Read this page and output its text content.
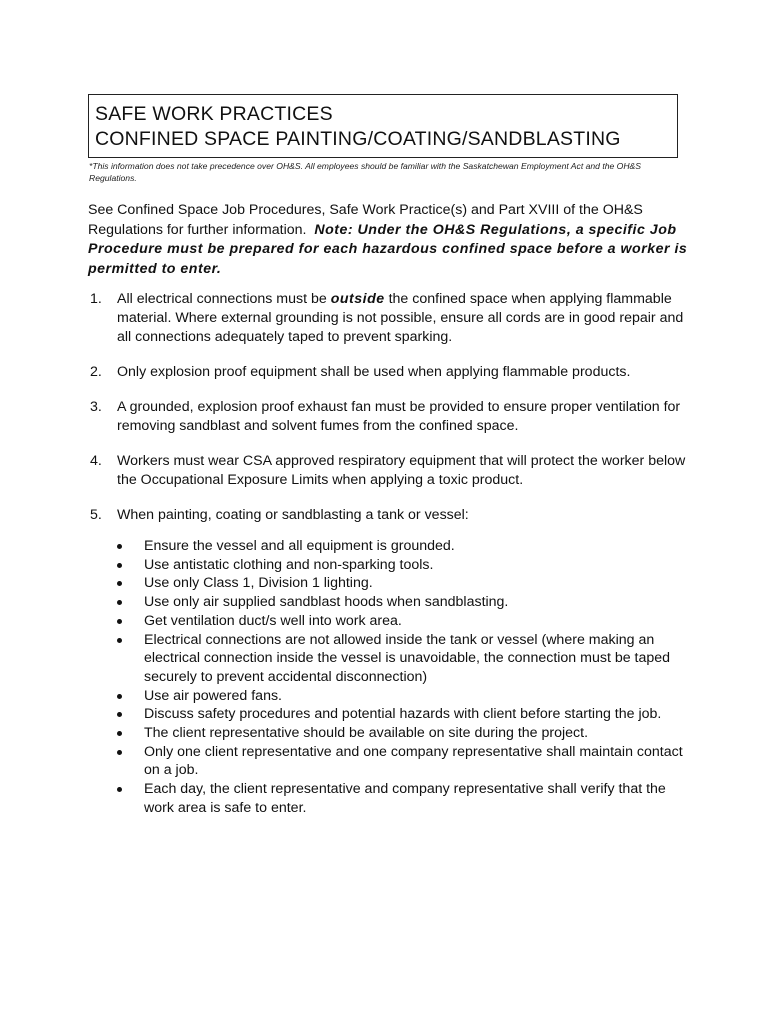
SAFE WORK PRACTICES
CONFINED SPACE PAINTING/COATING/SANDBLASTING
*This information does not take precedence over OH&S. All employees should be familiar with the Saskatchewan Employment Act and the OH&S Regulations.
See Confined Space Job Procedures, Safe Work Practice(s) and Part XVIII of the OH&S Regulations for further information. Note: Under the OH&S Regulations, a specific Job Procedure must be prepared for each hazardous confined space before a worker is permitted to enter.
1. All electrical connections must be outside the confined space when applying flammable material. Where external grounding is not possible, ensure all cords are in good repair and all connections adequately taped to prevent sparking.
2. Only explosion proof equipment shall be used when applying flammable products.
3. A grounded, explosion proof exhaust fan must be provided to ensure proper ventilation for removing sandblast and solvent fumes from the confined space.
4. Workers must wear CSA approved respiratory equipment that will protect the worker below the Occupational Exposure Limits when applying a toxic product.
5. When painting, coating or sandblasting a tank or vessel:
Ensure the vessel and all equipment is grounded.
Use antistatic clothing and non-sparking tools.
Use only Class 1, Division 1 lighting.
Use only air supplied sandblast hoods when sandblasting.
Get ventilation duct/s well into work area.
Electrical connections are not allowed inside the tank or vessel (where making an electrical connection inside the vessel is unavoidable, the connection must be taped securely to prevent accidental disconnection)
Use air powered fans.
Discuss safety procedures and potential hazards with client before starting the job.
The client representative should be available on site during the project.
Only one client representative and one company representative shall maintain contact on a job.
Each day, the client representative and company representative shall verify that the work area is safe to enter.
